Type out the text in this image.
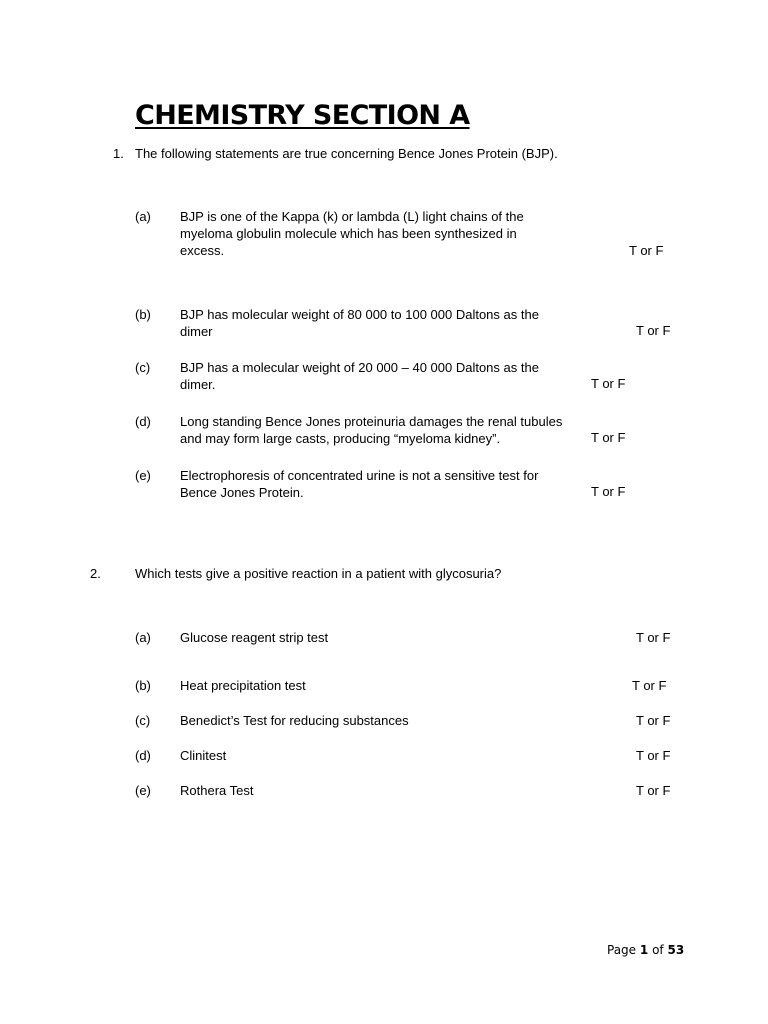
CHEMISTRY SECTION A
1. The following statements are true concerning Bence Jones Protein (BJP).
(a) BJP is one of the Kappa (k) or lambda (L) light chains of the
myeloma globulin molecule which has been synthesized in
excess.	T or F
(b) BJP has molecular weight of 80 000 to 100 000 Daltons as the
dimer	T or F
(c) BJP has a molecular weight of 20 000 – 40 000 Daltons as the
dimer.	T or F
(d) Long standing Bence Jones proteinuria damages the renal tubules
and may form large casts, producing “myeloma kidney”.	T or F
(e) Electrophoresis of concentrated urine is not a sensitive test for
Bence Jones Protein.	T or F
2.	Which tests give a positive reaction in a patient with glycosuria?
(a) Glucose reagent strip test	T or F
(b) Heat precipitation test	T or F
(c) Benedict’s Test for reducing substances	T or F
(d) Clinitest	T or F
(e) Rothera Test	T or F
Page 1 of 53
